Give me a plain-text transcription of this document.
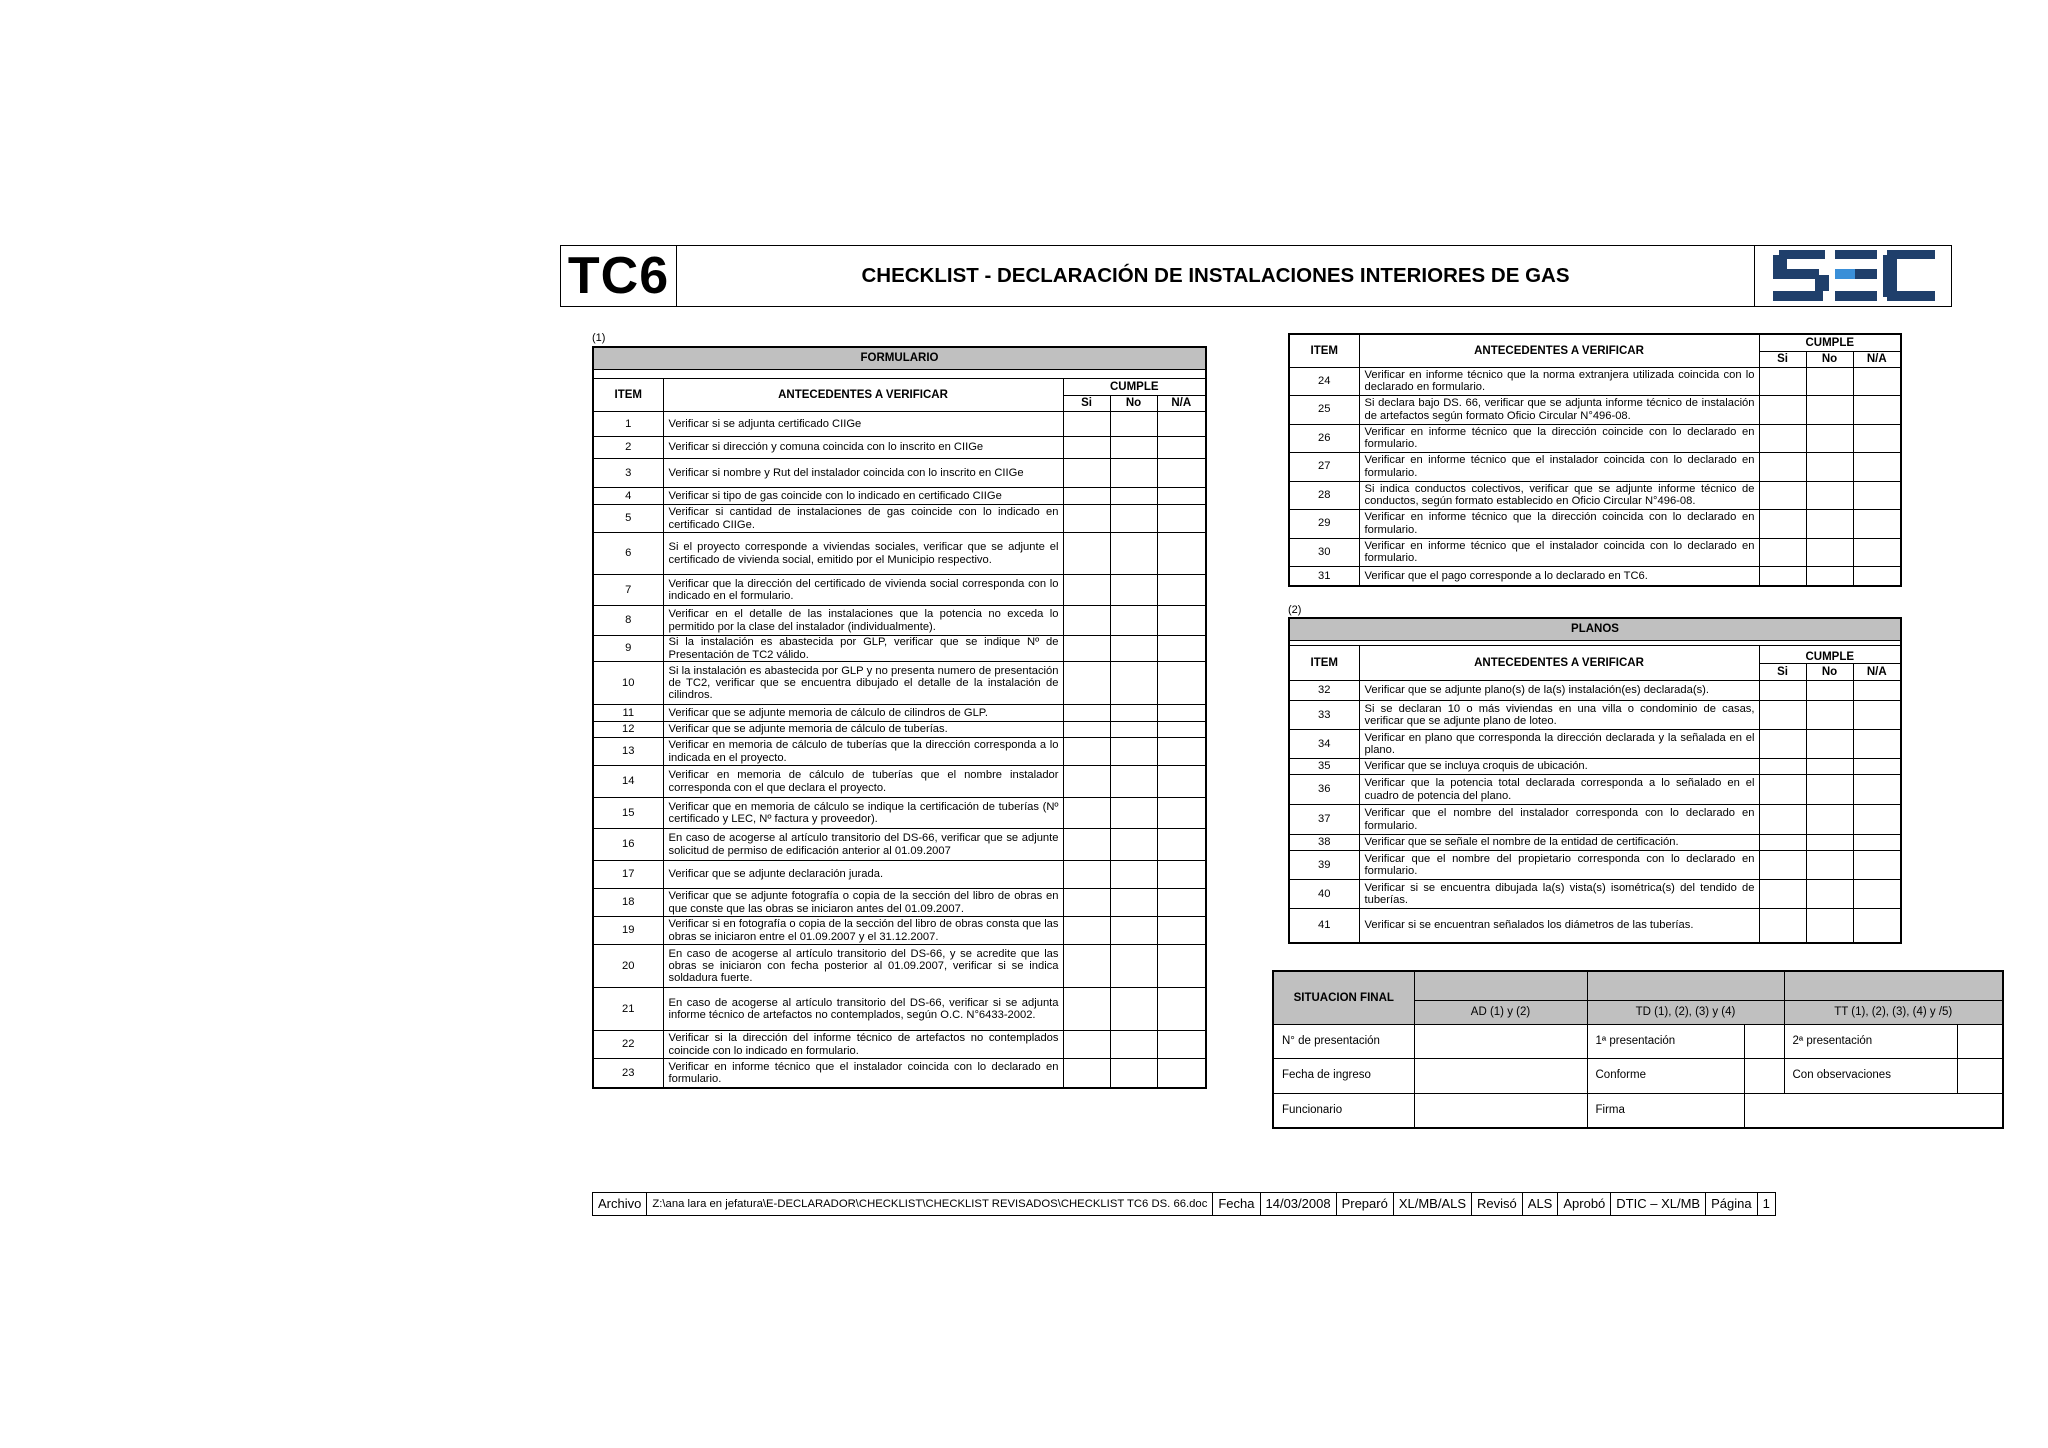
TC6	CHECKLIST - DECLARACIÓN DE INSTALACIONES INTERIORES DE GAS
(1)
FORMULARIO				

ITEM	ANTECEDENTES A VERIFICAR	CUMPLE		
		Si	No	N/A
1	Verificar si se adjunta certificado CIIGe			
2	Verificar si dirección y comuna coincida con lo inscrito en CIIGe			
3	Verificar si nombre y Rut del instalador coincida con lo inscrito en CIIGe			
4	Verificar si tipo de gas coincide con lo indicado en certificado CIIGe			
5	Verificar si cantidad de instalaciones de gas coincide con lo indicado en certificado CIIGe.			
6	Si el proyecto corresponde a viviendas sociales, verificar que se adjunte el certificado de vivienda social, emitido por el Municipio respectivo.			
7	Verificar que la dirección del certificado de vivienda social corresponda con lo indicado en el formulario.			
8	Verificar en el detalle de las instalaciones que la potencia no exceda lo permitido por la clase del instalador (individualmente).			
9	Si la instalación es abastecida por GLP, verificar que se indique Nº de Presentación de TC2 válido.			
10	Si la instalación es abastecida por GLP y no presenta numero de presentación de TC2, verificar que se encuentra dibujado el detalle de la instalación de cilindros.			
11	Verificar que se adjunte memoria de cálculo de cilindros de GLP.			
12	Verificar que se adjunte memoria de cálculo de tuberías.			
13	Verificar en memoria de cálculo de tuberías que la dirección corresponda a lo indicada en el proyecto.			
14	Verificar en memoria de cálculo de tuberías que el nombre instalador corresponda con el que declara el proyecto.			
15	Verificar que en memoria de cálculo se indique la certificación de tuberías (Nº certificado y LEC, Nº factura y proveedor).			
16	En caso de acogerse al artículo transitorio del DS-66, verificar que se adjunte solicitud de permiso de edificación anterior al 01.09.2007			
17	Verificar que se adjunte declaración jurada.			
18	Verificar que se adjunte fotografía o copia de la sección del libro de obras en que conste que las obras se iniciaron antes del 01.09.2007.			
19	Verificar si en fotografía o copia de la sección del libro de obras consta que las obras se iniciaron entre el 01.09.2007 y el 31.12.2007.			
20	En caso de acogerse al artículo transitorio del DS-66, y se acredite que las obras se iniciaron con fecha posterior al 01.09.2007, verificar si se indica soldadura fuerte.			
21	En caso de acogerse al artículo transitorio del DS-66, verificar si se adjunta informe técnico de artefactos no contemplados, según O.C. N°6433-2002.			
22	Verificar si la dirección del informe técnico de artefactos no contemplados coincide con lo indicado en formulario.			
23	Verificar en informe técnico que el instalador coincida con lo declarado en formulario.			
ITEM	ANTECEDENTES A VERIFICAR	CUMPLE		
		Si	No	N/A
24	Verificar en informe técnico que la norma extranjera utilizada coincida con lo declarado en formulario.			
25	Si declara bajo DS. 66, verificar que se adjunta informe técnico de instalación de artefactos según formato Oficio Circular N°496-08.			
26	Verificar en informe técnico que la dirección coincide con lo declarado en formulario.			
27	Verificar en informe técnico que el instalador coincida con lo declarado en formulario.			
28	Si indica conductos colectivos, verificar que se adjunte informe técnico de conductos, según formato establecido en Oficio Circular N°496-08.			
29	Verificar en informe técnico que la dirección coincida con lo declarado en formulario.			
30	Verificar en informe técnico que el instalador coincida con lo declarado en formulario.			
31	Verificar que el pago corresponde a lo declarado en TC6.			
(2)
PLANOS				

ITEM	ANTECEDENTES A VERIFICAR	CUMPLE		
		Si	No	N/A
32	Verificar que se adjunte plano(s) de la(s) instalación(es) declarada(s).			
33	Si se declaran 10 o más viviendas en una villa o condominio de casas, verificar que se adjunte plano de loteo.			
34	Verificar en plano que corresponda la dirección declarada y la señalada en el plano.			
35	Verificar que se incluya croquis de ubicación.			
36	Verificar que la potencia total declarada corresponda a lo señalado en el cuadro de potencia del plano.			
37	Verificar que el nombre del instalador corresponda con lo declarado en formulario.			
38	Verificar que se señale el nombre de la entidad de certificación.			
39	Verificar que el nombre del propietario corresponda con lo declarado en formulario.			
40	Verificar si se encuentra dibujada la(s) vista(s) isométrica(s) del tendido de tuberías.			
41	Verificar si se encuentran señalados los diámetros de las tuberías.			
SITUACION FINAL					
	AD (1) y (2)	TD (1), (2), (3) y (4)		TT (1), (2), (3), (4) y /5)	
N° de presentación		1ª presentación		2ª presentación	
Fecha de ingreso		Conforme		Con observaciones	
Funcionario		Firma			
Archivo	Z:\ana lara en jefatura\E-DECLARADOR\CHECKLIST\CHECKLIST REVISADOS\CHECKLIST TC6 DS. 66.doc	Fecha	14/03/2008	Preparó	XL/MB/ALS	Revisó	ALS	Aprobó	DTIC – XL/MB	Página	1
